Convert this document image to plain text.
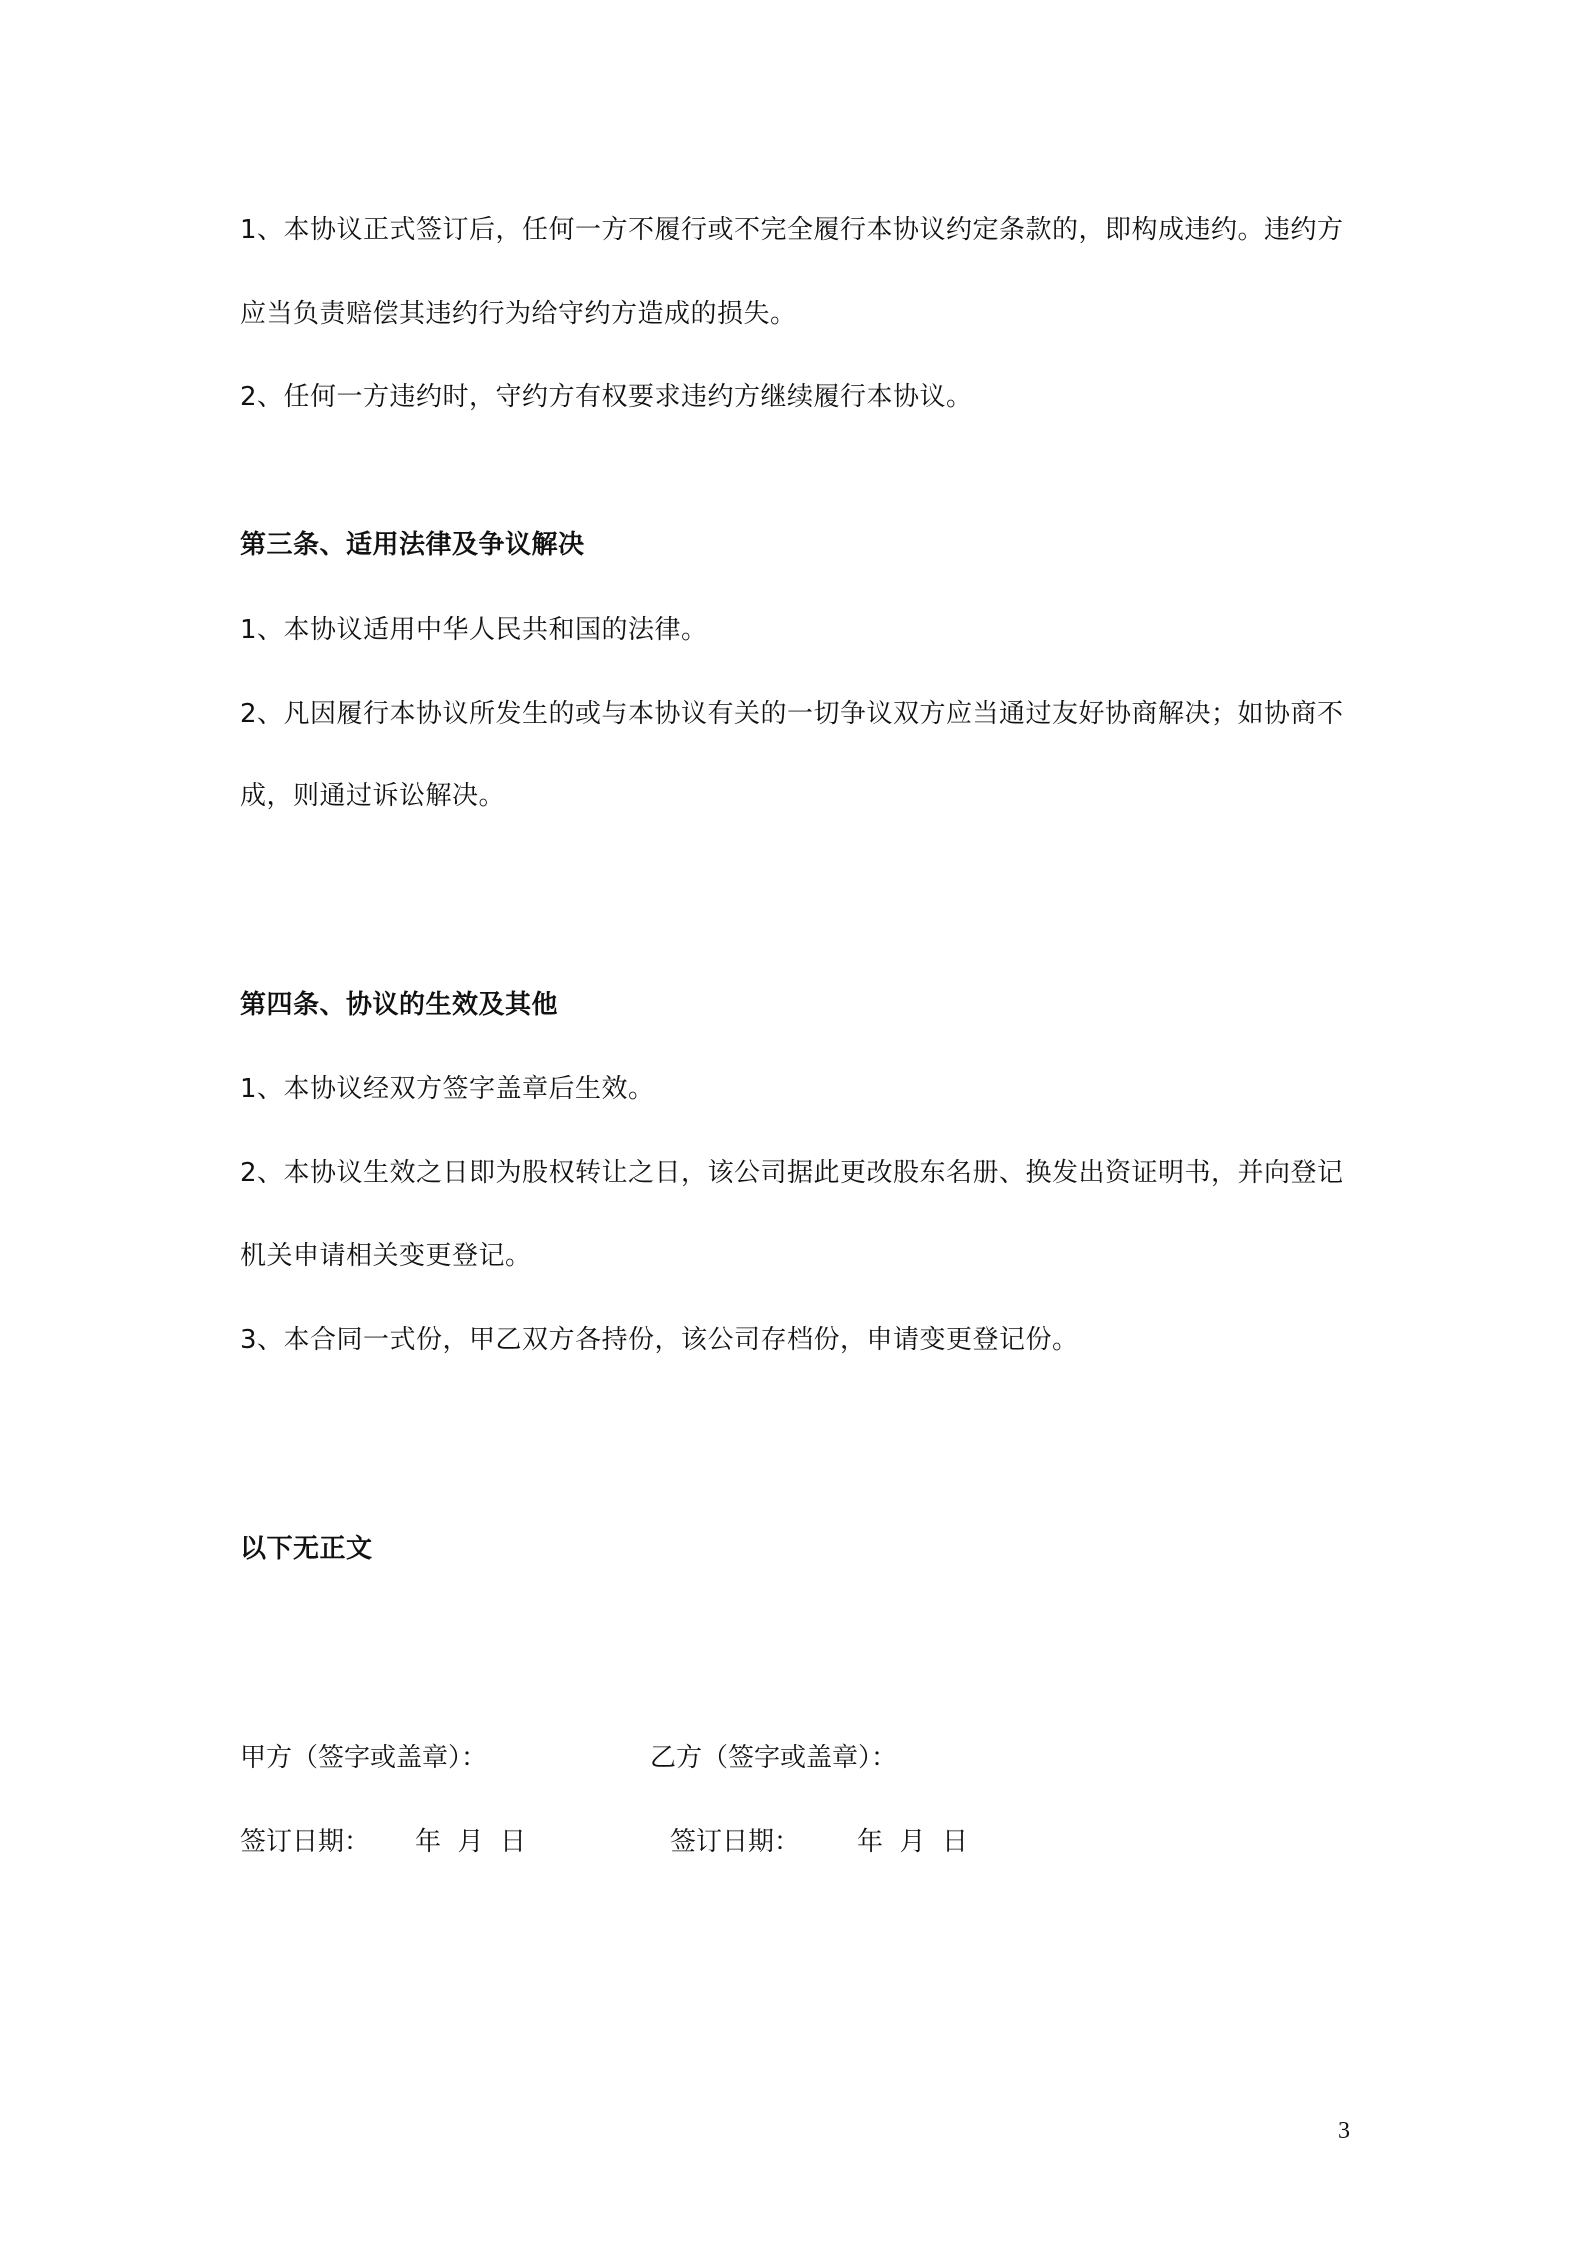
1、本协议正式签订后，任何一方不履行或不完全履行本协议约定条款的，即构成违约。违约方
应当负责赔偿其违约行为给守约方造成的损失。
2、任何一方违约时，守约方有权要求违约方继续履行本协议。
第三条、适用法律及争议解决
1、本协议适用中华人民共和国的法律。
2、凡因履行本协议所发生的或与本协议有关的一切争议双方应当通过友好协商解决；如协商不
成，则通过诉讼解决。
第四条、协议的生效及其他
1、本协议经双方签字盖章后生效。
2、本协议生效之日即为股权转让之日，该公司据此更改股东名册、换发出资证明书，并向登记
机关申请相关变更登记。
3、本合同一式份，甲乙双方各持份，该公司存档份，申请变更登记份。
以下无正文
甲方（签字或盖章）：	乙方（签字或盖章）：
签订日期： 年  月  日	签订日期： 年  月  日
3
